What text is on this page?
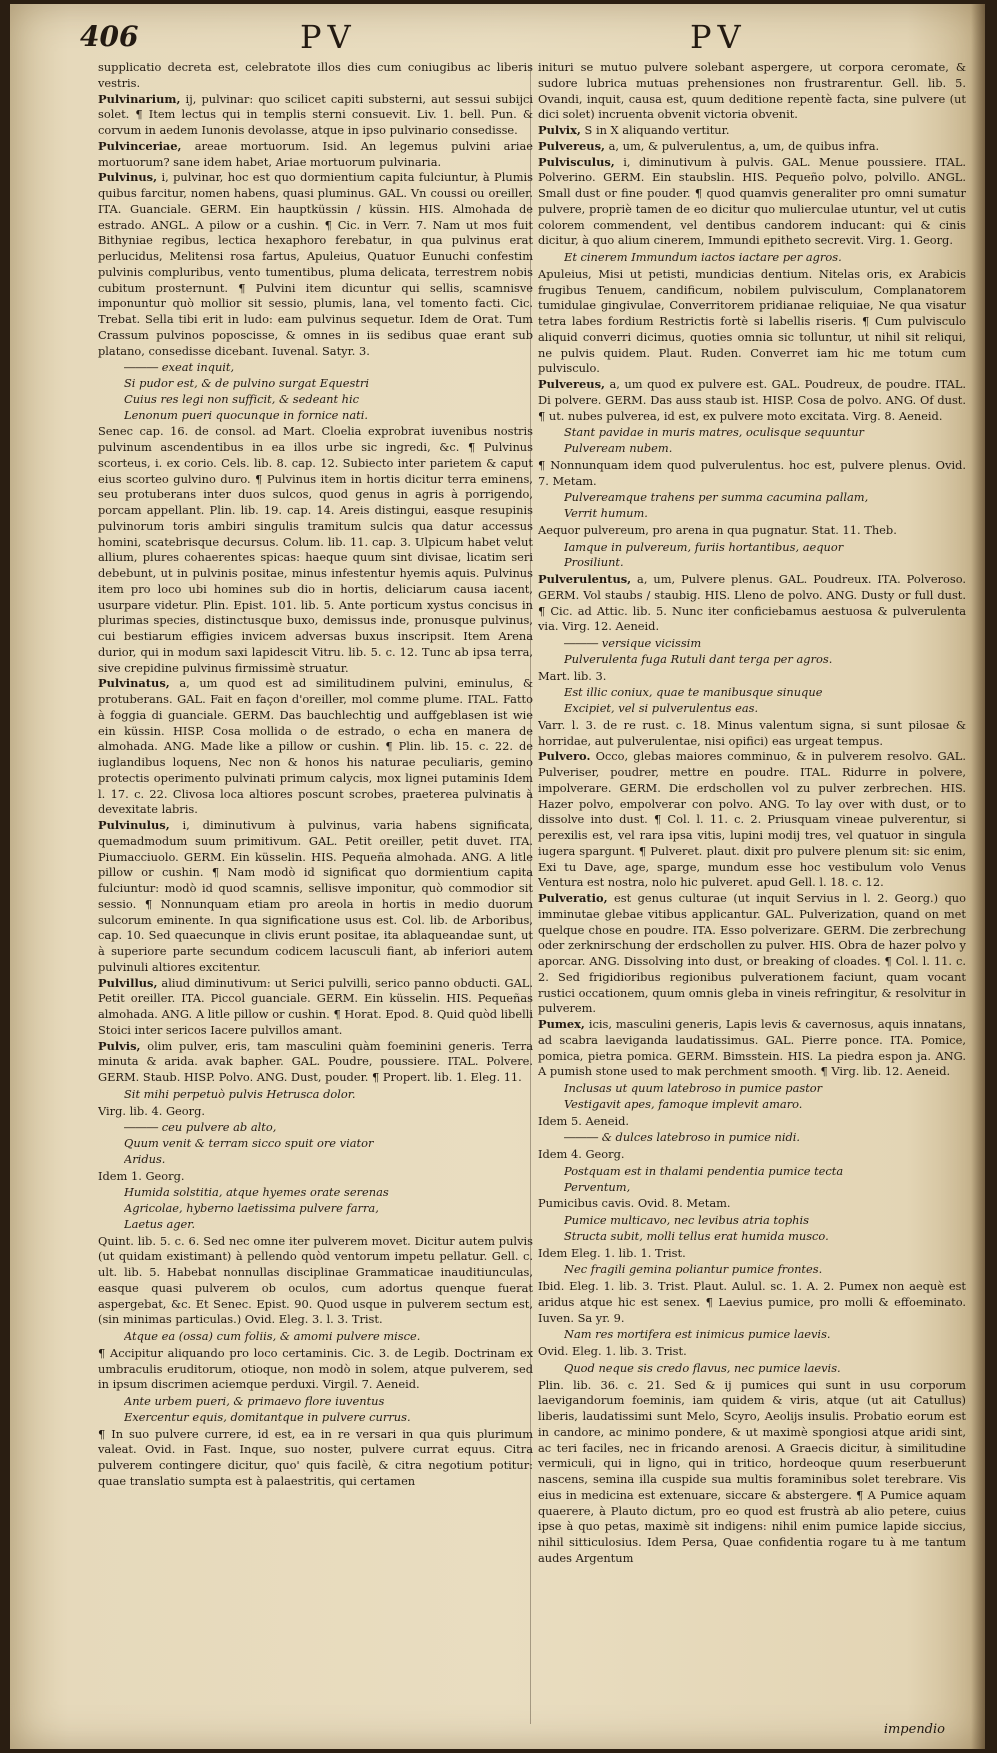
406	PV	PV
supplicatio decreta est, celebratote illos dies cum coniugibus ac liberis vestris.
Pulvinarium, ij, pulvinar: quo scilicet capiti substerni, aut sessui subijci solet. ¶ Item lectus qui in templis sterni consuevit. Liv. 1. bell. Pun. & corvum in aedem Iunonis devolasse, atque in ipso pulvinario consedisse.
Pulvinceriae, areae mortuorum. Isid. An legemus pulvini ariae mortuorum? sane idem habet, Ariae mortuorum pulvinaria.
Pulvinus, i, pulvinar, hoc est quo dormientium capita fulciuntur, à Plumis quibus farcitur, nomen habens, quasi pluminus. GAL. Vn coussi ou oreiller. ITA. Guanciale. GERM. Ein hauptküssin / küssin. HIS. Almohada de estrado. ANGL. A pilow or a cushin. ¶ Cic. in Verr. 7. Nam ut mos fuit Bithyniae regibus, lectica hexaphoro ferebatur, in qua pulvinus erat perlucidus, Melitensi rosa fartus, Apuleius, Quatuor Eunuchi confestim pulvinis compluribus, vento tumentibus, pluma delicata, terrestrem nobis cubitum prosternunt. ¶ Pulvini item dicuntur qui sellis, scamnisve imponuntur quò mollior sit sessio, plumis, lana, vel tomento facti. Cic. Trebat. Sella tibi erit in ludo: eam pulvinus sequetur. Idem de Orat. Tum Crassum pulvinos poposcisse, & omnes in iis sedibus quae erant sub platano, consedisse dicebant. Iuvenal. Satyr. 3.
――― exeat inquit,
Si pudor est, & de pulvino surgat Equestri
Cuius res legi non sufficit, & sedeant hic
Lenonum pueri quocunque in fornice nati.
Senec cap. 16. de consol. ad Mart. Cloelia exprobrat iuvenibus nostris pulvinum ascendentibus in ea illos urbe sic ingredi, &c. ¶ Pulvinus scorteus, i. ex corio. Cels. lib. 8. cap. 12. Subiecto inter parietem & caput eius scorteo gulvino duro. ¶ Pulvinus item in hortis dicitur terra eminens, seu protuberans inter duos sulcos, quod genus in agris à porrigendo, porcam appellant. Plin. lib. 19. cap. 14. Areis distingui, easque resupinis pulvinorum toris ambiri singulis tramitum sulcis qua datur accessus homini, scatebrisque decursus. Colum. lib. 11. cap. 3. Ulpicum habet velut allium, plures cohaerentes spicas: haeque quum sint divisae, licatim seri debebunt, ut in pulvinis positae, minus infestentur hyemis aquis. Pulvinus item pro loco ubi homines sub dio in hortis, deliciarum causa iacent, usurpare videtur. Plin. Epist. 101. lib. 5. Ante porticum xystus concisus in plurimas species, distinctusque buxo, demissus inde, pronusque pulvinus, cui bestiarum effigies invicem adversas buxus inscripsit. Item Arena durior, qui in modum saxi lapidescit Vitru. lib. 5. c. 12. Tunc ab ipsa terra, sive crepidine pulvinus firmissimè struatur.
Pulvinatus, a, um quod est ad similitudinem pulvini, eminulus, & protuberans. GAL. Fait en façon d'oreiller, mol comme plume. ITAL. Fatto à foggia di guanciale. GERM. Das bauchlechtig und auffgeblasen ist wie ein küssin. HISP. Cosa mollida o de estrado, o echa en manera de almohada. ANG. Made like a pillow or cushin. ¶ Plin. lib. 15. c. 22. de iuglandibus loquens, Nec non & honos his naturae peculiaris, gemino protectis operimento pulvinati primum calycis, mox lignei putaminis Idem l. 17. c. 22. Clivosa loca altiores poscunt scrobes, praeterea pulvinatis à devexitate labris.
Pulvinulus, i, diminutivum à pulvinus, varia habens significata, quemadmodum suum primitivum. GAL. Petit oreiller, petit duvet. ITA. Piumacciuolo. GERM. Ein küsselin. HIS. Pequeña almohada. ANG. A litle pillow or cushin. ¶ Nam modò id significat quo dormientium capita fulciuntur: modò id quod scamnis, sellisve imponitur, quò commodior sit sessio. ¶ Nonnunquam etiam pro areola in hortis in medio duorum sulcorum eminente. In qua significatione usus est. Col. lib. de Arboribus, cap. 10. Sed quaecunque in clivis erunt positae, ita ablaqueandae sunt, ut à superiore parte secundum codicem lacusculi fiant, ab inferiori autem pulvinuli altiores excitentur.
Pulvillus, aliud diminutivum: ut Serici pulvilli, serico panno obducti. GAL. Petit oreiller. ITA. Piccol guanciale. GERM. Ein küsselin. HIS. Pequeñas almohada. ANG. A litle pillow or cushin. ¶ Horat. Epod. 8. Quid quòd libelli Stoici inter sericos Iacere pulvillos amant.
Pulvis, olim pulver, eris, tam masculini quàm foeminini generis. Terra minuta & arida. avak bapher. GAL. Poudre, poussiere. ITAL. Polvere. GERM. Staub. HISP. Polvo. ANG. Dust, pouder. ¶ Propert. lib. 1. Eleg. 11.
Sit mihi perpetuò pulvis Hetrusca dolor.
Virg. lib. 4. Georg.
――― ceu pulvere ab alto,
Quum venit & terram sicco spuit ore viator
Aridus.
Idem 1. Georg.
Humida solstitia, atque hyemes orate serenas
Agricolae, hyberno laetissima pulvere farra,
Laetus ager.
Quint. lib. 5. c. 6. Sed nec omne iter pulverem movet. Dicitur autem pulvis (ut quidam existimant) à pellendo quòd ventorum impetu pellatur. Gell. c. ult. lib. 5. Habebat nonnullas disciplinae Grammaticae inauditiunculas, easque quasi pulverem ob oculos, cum adortus quenque fuerat aspergebat, &c. Et Senec. Epist. 90. Quod usque in pulverem sectum est, (sin minimas particulas.) Ovid. Eleg. 3. l. 3. Trist.
Atque ea (ossa) cum foliis, & amomi pulvere misce.
¶ Accipitur aliquando pro loco certaminis. Cic. 3. de Legib. Doctrinam ex umbraculis eruditorum, otioque, non modò in solem, atque pulverem, sed in ipsum discrimen aciemque perduxi. Virgil. 7. Aeneid.
Ante urbem pueri, & primaevo flore iuventus
Exercentur equis, domitantque in pulvere currus.
¶ In suo pulvere currere, id est, ea in re versari in qua quis plurimum valeat. Ovid. in Fast. Inque, suo noster, pulvere currat equus. Citra pulverem contingere dicitur, quo' quis facilè, & citra negotium potitur: quae translatio sumpta est à palaestritis, qui certamen
inituri se mutuo pulvere solebant aspergere, ut corpora ceromate, & sudore lubrica mutuas prehensiones non frustrarentur. Gell. lib. 5. Ovandi, inquit, causa est, quum deditione repentè facta, sine pulvere (ut dici solet) incruenta obvenit victoria obvenit.
Pulvix, S in X aliquando vertitur.
Pulvereus, a, um, & pulverulentus, a, um, de quibus infra.
Pulvisculus, i, diminutivum à pulvis. GAL. Menue poussiere. ITAL. Polverino. GERM. Ein staubslin. HIS. Pequeño polvo, polvillo. ANGL. Small dust or fine pouder. ¶ quod quamvis generaliter pro omni sumatur pulvere, propriè tamen de eo dicitur quo mulierculae utuntur, vel ut cutis colorem commendent, vel dentibus candorem inducant: qui & cinis dicitur, à quo alium cinerem, Immundi epitheto secrevit. Virg. 1. Georg.
Et cinerem Immundum iactos iactare per agros.
Apuleius, Misi ut petisti, mundicias dentium. Nitelas oris, ex Arabicis frugibus Tenuem, candificum, nobilem pulvisculum, Complanatorem tumidulae gingivulae, Converritorem pridianae reliquiae, Ne qua visatur tetra labes fordium Restrictis fortè si labellis riseris. ¶ Cum pulvisculo aliquid converri dicimus, quoties omnia sic tolluntur, ut nihil sit reliqui, ne pulvis quidem. Plaut. Ruden. Converret iam hic me totum cum pulvisculo.
Pulvereus, a, um quod ex pulvere est. GAL. Poudreux, de poudre. ITAL. Di polvere. GERM. Das auss staub ist. HISP. Cosa de polvo. ANG. Of dust. ¶ ut. nubes pulverea, id est, ex pulvere moto excitata. Virg. 8. Aeneid.
Stant pavidae in muris matres, oculisque sequuntur
Pulveream nubem.
¶ Nonnunquam idem quod pulverulentus. hoc est, pulvere plenus. Ovid. 7. Metam.
Pulvereamque trahens per summa cacumina pallam,
Verrit humum.
Aequor pulvereum, pro arena in qua pugnatur. Stat. 11. Theb.
Iamque in pulvereum, furiis hortantibus, aequor
Prosiliunt.
Pulverulentus, a, um, Pulvere plenus. GAL. Poudreux. ITA. Polveroso. GERM. Vol staubs / staubig. HIS. Lleno de polvo. ANG. Dusty or full dust. ¶ Cic. ad Attic. lib. 5. Nunc iter conficiebamus aestuosa & pulverulenta via. Virg. 12. Aeneid.
――― versique vicissim
Pulverulenta fuga Rutuli dant terga per agros.
Mart. lib. 3.
Est illic coniux, quae te manibusque sinuque
Excipiet, vel si pulverulentus eas.
Varr. l. 3. de re rust. c. 18. Minus valentum signa, si sunt pilosae & horridae, aut pulverulentae, nisi opifici) eas urgeat tempus.
Pulvero. Occo, glebas maiores comminuo, & in pulverem resolvo. GAL. Pulveriser, poudrer, mettre en poudre. ITAL. Ridurre in polvere, impolverare. GERM. Die erdschollen vol zu pulver zerbrechen. HIS. Hazer polvo, empolverar con polvo. ANG. To lay over with dust, or to dissolve into dust. ¶ Col. l. 11. c. 2. Priusquam vineae pulverentur, si perexilis est, vel rara ipsa vitis, lupini modij tres, vel quatuor in singula iugera spargunt. ¶ Pulveret. plaut. dixit pro pulvere plenum sit: sic enim, Exi tu Dave, age, sparge, mundum esse hoc vestibulum volo Venus Ventura est nostra, nolo hic pulveret. apud Gell. l. 18. c. 12.
Pulveratio, est genus culturae (ut inquit Servius in l. 2. Georg.) quo imminutae glebae vitibus applicantur. GAL. Pulverization, quand on met quelque chose en poudre. ITA. Esso polverizare. GERM. Die zerbrechung oder zerknirschung der erdschollen zu pulver. HIS. Obra de hazer polvo y aporcar. ANG. Dissolving into dust, or breaking of cloades. ¶ Col. l. 11. c. 2. Sed frigidioribus regionibus pulverationem faciunt, quam vocant rustici occationem, quum omnis gleba in vineis refringitur, & resolvitur in pulverem.
Pumex, icis, masculini generis, Lapis levis & cavernosus, aquis innatans, ad scabra laeviganda laudatissimus. GAL. Pierre ponce. ITA. Pomice, pomica, pietra pomica. GERM. Bimsstein. HIS. La piedra espon ja. ANG. A pumish stone used to mak perchment smooth. ¶ Virg. lib. 12. Aeneid.
Inclusas ut quum latebroso in pumice pastor
Vestigavit apes, famoque implevit amaro.
Idem 5. Aeneid.
――― & dulces latebroso in pumice nidi.
Idem 4. Georg.
Postquam est in thalami pendentia pumice tecta
Perventum,
Pumicibus cavis. Ovid. 8. Metam.
Pumice multicavo, nec levibus atria tophis
Structa subit, molli tellus erat humida musco.
Idem Eleg. 1. lib. 1. Trist.
Nec fragili gemina poliantur pumice frontes.
Ibid. Eleg. 1. lib. 3. Trist. Plaut. Aulul. sc. 1. A. 2. Pumex non aequè est aridus atque hic est senex. ¶ Laevius pumice, pro molli & effoeminato. Iuven. Sa yr. 9.
Nam res mortifera est inimicus pumice laevis.
Ovid. Eleg. 1. lib. 3. Trist.
Quod neque sis credo flavus, nec pumice laevis.
Plin. lib. 36. c. 21. Sed & ij pumices qui sunt in usu corporum laevigandorum foeminis, iam quidem & viris, atque (ut ait Catullus) liberis, laudatissimi sunt Melo, Scyro, Aeolijs insulis. Probatio eorum est in candore, ac minimo pondere, & ut maximè spongiosi atque aridi sint, ac teri faciles, nec in fricando arenosi. A Graecis dicitur, à similitudine vermiculi, qui in ligno, qui in tritico, hordeoque quum reserbuerunt nascens, semina illa cuspide sua multis foraminibus solet terebrare. Vis eius in medicina est extenuare, siccare & abstergere. ¶ A Pumice aquam quaerere, à Plauto dictum, pro eo quod est frustrà ab alio petere, cuius ipse à quo petas, maximè sit indigens: nihil enim pumice lapide siccius, nihil sitticulosius. Idem Persa, Quae confidentia rogare tu à me tantum audes Argentum
impendio
